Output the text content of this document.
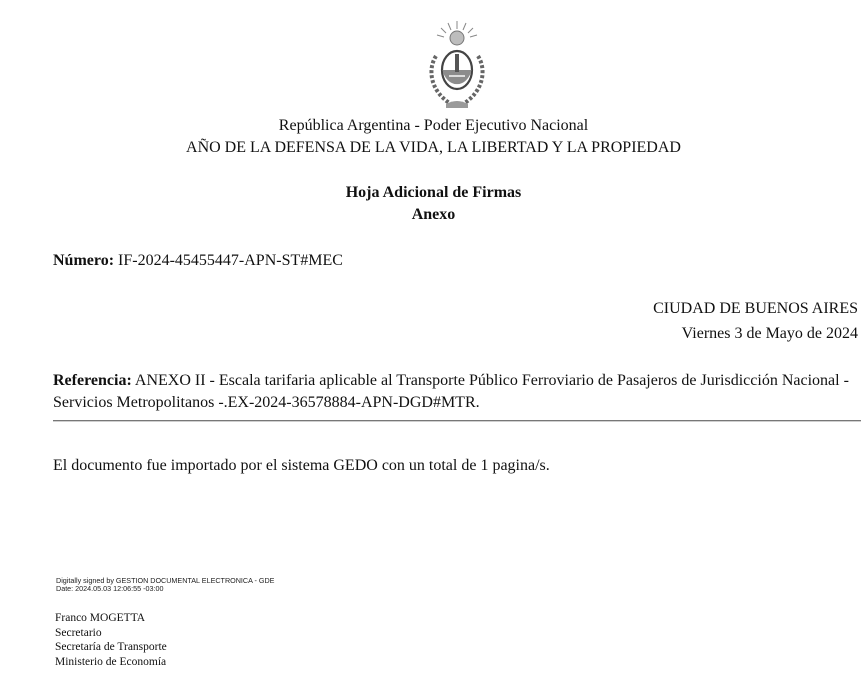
República Argentina - Poder Ejecutivo Nacional
AÑO DE LA DEFENSA DE LA VIDA, LA LIBERTAD Y LA PROPIEDAD
Hoja Adicional de Firmas
Anexo
Número: IF-2024-45455447-APN-ST#MEC
CIUDAD DE BUENOS AIRES
Viernes 3 de Mayo de 2024
Referencia: ANEXO II - Escala tarifaria aplicable al Transporte Público Ferroviario de Pasajeros de Jurisdicción Nacional - Servicios Metropolitanos -.EX-2024-36578884-APN-DGD#MTR.
El documento fue importado por el sistema GEDO con un total de 1 pagina/s.
Digitally signed by GESTION DOCUMENTAL ELECTRONICA - GDE
Date: 2024.05.03 12:06:55 -03:00
Franco MOGETTA
Secretario
Secretaría de Transporte
Ministerio de Economía
